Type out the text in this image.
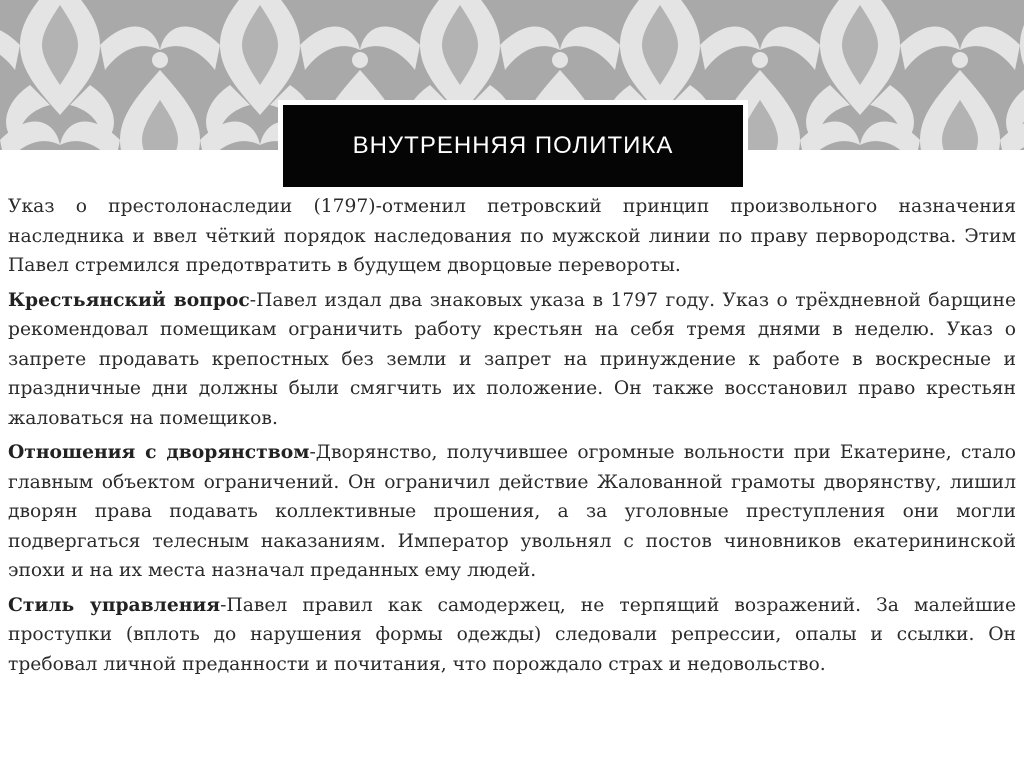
ВНУТРЕННЯЯ ПОЛИТИКА

Указ о престолонаследии (1797)-отменил петровский принцип произвольного назначения наследника и ввел чёткий порядок наследования по мужской линии по праву первородства. Этим Павел стремился предотвратить в будущем дворцовые перевороты.

Крестьянский вопрос-Павел издал два знаковых указа в 1797 году. Указ о трёхдневной барщине рекомендовал помещикам ограничить работу крестьян на себя тремя днями в неделю. Указ о запрете продавать крепостных без земли и запрет на принуждение к работе в воскресные и праздничные дни должны были смягчить их положение. Он также восстановил право крестьян жаловаться на помещиков.

Отношения с дворянством-Дворянство, получившее огромные вольности при Екатерине, стало главным объектом ограничений. Он ограничил действие Жалованной грамоты дворянству, лишил дворян права подавать коллективные прошения, а за уголовные преступления они могли подвергаться телесным наказаниям. Император увольнял с постов чиновников екатерининской эпохи и на их места назначал преданных ему людей.

Стиль управления-Павел правил как самодержец, не терпящий возражений. За малейшие проступки (вплоть до нарушения формы одежды) следовали репрессии, опалы и ссылки. Он требовал личной преданности и почитания, что порождало страх и недовольство.
